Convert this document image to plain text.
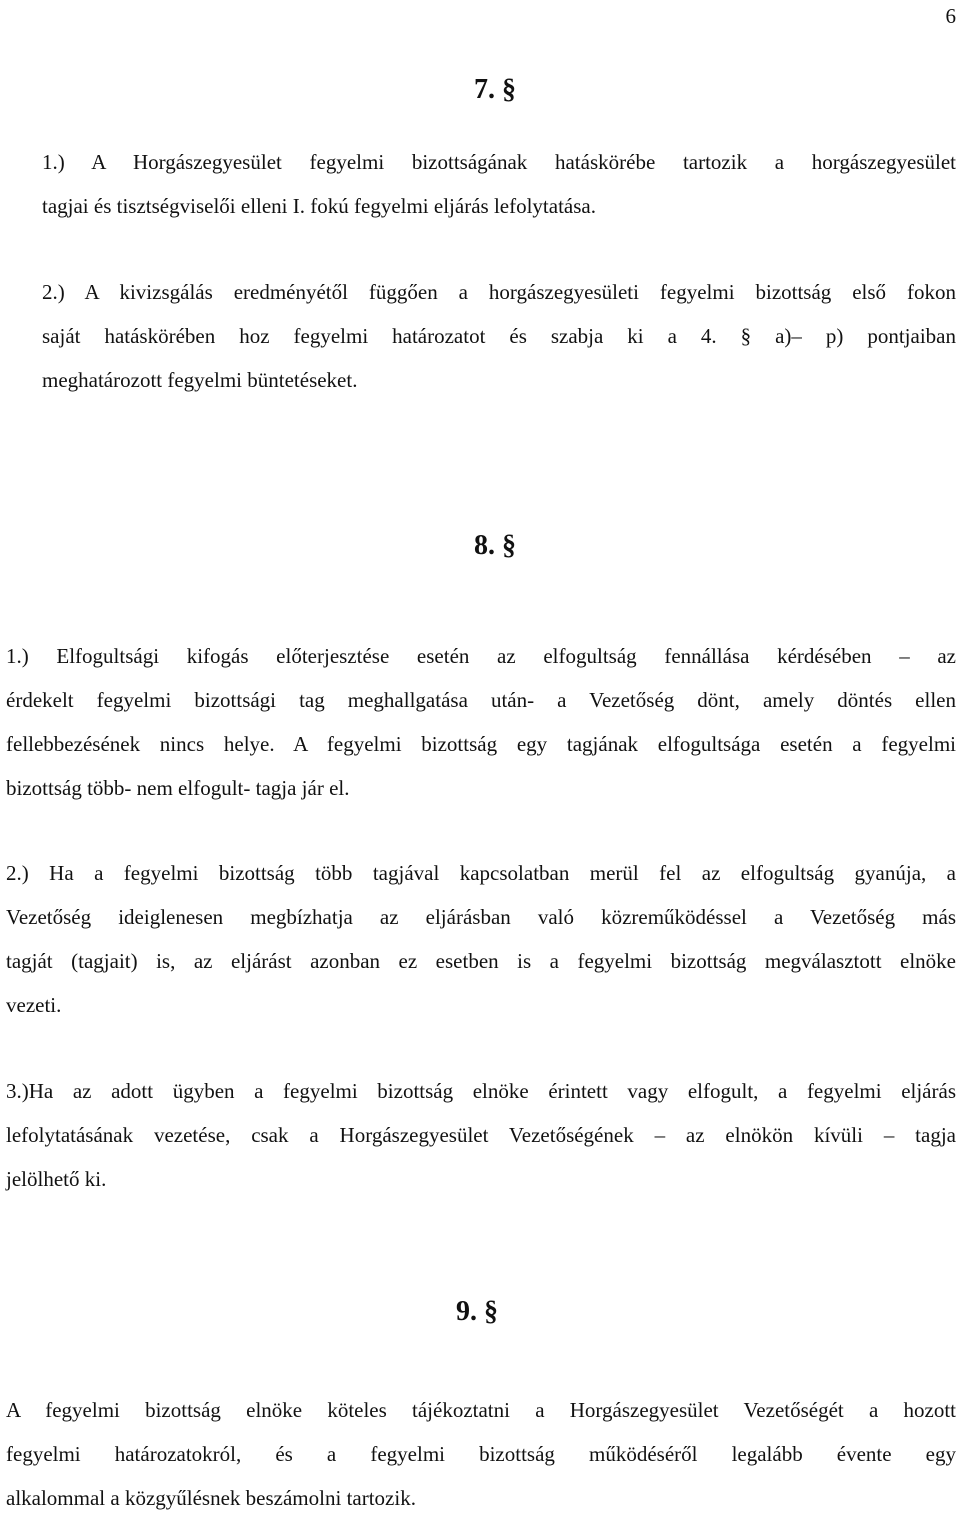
6
7. §
1.) A Horgászegyesület fegyelmi bizottságának hatáskörébe tartozik a horgászegyesület
tagjai és tisztségviselői elleni I. fokú fegyelmi eljárás lefolytatása.
2.) A kivizsgálás eredményétől függően a horgászegyesületi fegyelmi bizottság első fokon
saját hatáskörében hoz fegyelmi határozatot és szabja ki a 4. § a)– p) pontjaiban
meghatározott fegyelmi büntetéseket.
8. §
1.) Elfogultsági kifogás előterjesztése esetén az elfogultság fennállása kérdésében – az
érdekelt fegyelmi bizottsági tag meghallgatása után- a Vezetőség dönt, amely döntés ellen
fellebbezésének nincs helye. A fegyelmi bizottság egy tagjának elfogultsága esetén a fegyelmi
bizottság több- nem elfogult- tagja jár el.
2.) Ha a fegyelmi bizottság több tagjával kapcsolatban merül fel az elfogultság gyanúja, a
Vezetőség ideiglenesen megbízhatja az eljárásban való közreműködéssel a Vezetőség más
tagját (tagjait) is, az eljárást azonban ez esetben is a fegyelmi bizottság megválasztott elnöke
vezeti.
3.)Ha az adott ügyben a fegyelmi bizottság elnöke érintett vagy elfogult, a fegyelmi eljárás
lefolytatásának vezetése, csak a Horgászegyesület Vezetőségének – az elnökön kívüli – tagja
jelölhető ki.
9. §
A fegyelmi bizottság elnöke köteles tájékoztatni a Horgászegyesület Vezetőségét a hozott
fegyelmi határozatokról, és a fegyelmi bizottság működéséről legalább évente egy
alkalommal a közgyűlésnek beszámolni tartozik.
